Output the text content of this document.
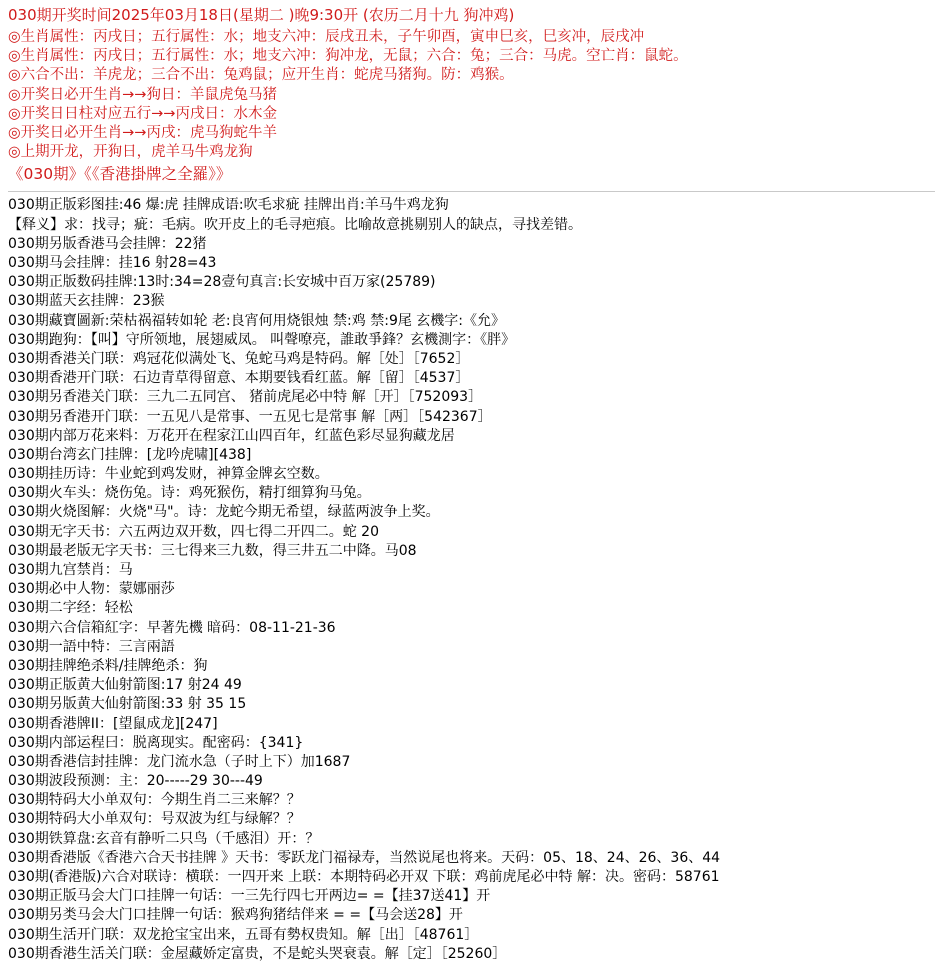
030期开奖时间2025年03月18日(星期二 )晚9:30开 (农历二月十九 狗冲鸡)
◎生肖属性：丙戌日；五行属性：水；地支六冲：辰戌丑未，子午卯酉，寅申巳亥，巳亥冲，辰戌冲
◎生肖属性：丙戌日；五行属性：水；地支六冲：狗冲龙，无鼠；六合：兔；三合：马虎。空亡肖：鼠蛇。
◎六合不出：羊虎龙；三合不出：兔鸡鼠；应开生肖：蛇虎马猪狗。防：鸡猴。
◎开奖日必开生肖→→狗日：羊鼠虎兔马猪
◎开奖日日柱对应五行→→丙戌日：水木金
◎开奖日必开生肖→→丙戌：虎马狗蛇牛羊
◎上期开龙，开狗日，虎羊马牛鸡龙狗
《030期》《《香港掛牌之全羅》》
030期正版彩图挂:46 爆:虎 挂牌成语:吹毛求疵 挂牌出肖:羊马牛鸡龙狗
【释义】求：找寻；疵：毛病。吹开皮上的毛寻疤痕。比喻故意挑剔别人的缺点，寻找差错。
030期另版香港马会挂牌：22猪
030期马会挂牌：挂16 射28=43
030期正版数码挂牌:13时:34=28壹句真言:长安城中百万家(25789)
030期蓝天玄挂牌：23猴
030期藏寶圖新:荣枯祸福转如轮 老:良宵何用烧银烛 禁:鸡 禁:9尾 玄機字:《允》
030期跑狗：【叫】守所领地，展翅威凤。 叫聲嘹亮，誰敢爭鋒？玄機測字：《胖》
030期香港关门联：鸡冠花似满处飞、兔蛇马鸡是特码。解［处］［7652］
030期香港开门联：石边青草得留意、本期要钱看红蓝。解［留］［4537］
030期另香港关门联：三九二五同宫、 猪前虎尾必中特 解［开］［752093］
030期另香港开门联：一五见八是常事、一五见七是常事 解［两］［542367］
030期内部万花来料：万花开在程家江山四百年，红蓝色彩尽显狗藏龙居
030期台湾玄门挂牌：[龙吟虎啸][438]
030期挂历诗：牛业蛇到鸡发财，神算金牌玄空数。
030期火车头：烧伤兔。诗：鸡死猴伤，精打细算狗马兔。
030期火烧图解：火烧"马"。诗：龙蛇今期无希望，绿蓝两波争上奖。
030期无字天书：六五两边双开数，四七得二开四二。蛇 20
030期最老版无字天书：三七得来三九数，得三井五二中降。马08
030期九宫禁肖：马
030期必中人物：蒙娜丽莎
030期二字经：轻松
030期六合信箱紅字：早著先機 暗码：08-11-21-36
030期一語中特：三言兩語
030期挂牌绝杀料/挂牌绝杀：狗
030期正版黄大仙射箭图:17 射24 49
030期另版黄大仙射箭图:33 射 35 15
030期香港牌II：[望鼠成龙][247]
030期内部运程曰：脱离现实。配密码：{341}
030期香港信封挂牌：龙门流水急（子时上下）加1687
030期波段预测：主：20-----29 30---49
030期特码大小单双句：今期生肖二三来解？？
030期特码大小单双句：号双波为红与绿解？？
030期铁算盘:玄音有静听二只鸟（千感泪）开：？
030期香港版《香港六合天书挂牌 》天书：零跃龙门福禄寿，当然说尾也将来。天码：05、18、24、26、36、44
030期(香港版)六合对联诗：横联：一四开来 上联：本期特码必开双 下联：鸡前虎尾必中特 解：决。密码：58761
030期正版马会大门口挂牌一句话：一三先行四七开两边= =【挂37送41】开
030期另类马会大门口挂牌一句话：猴鸡狗猪结伴来 = =【马会送28】开
030期生活开门联：双龙抢宝宝出来，五哥有勢权贵知。解［出］［48761］
030期香港生活关门联：金屋藏娇定富贵，不是蛇头哭衰袁。解［定］［25260］
